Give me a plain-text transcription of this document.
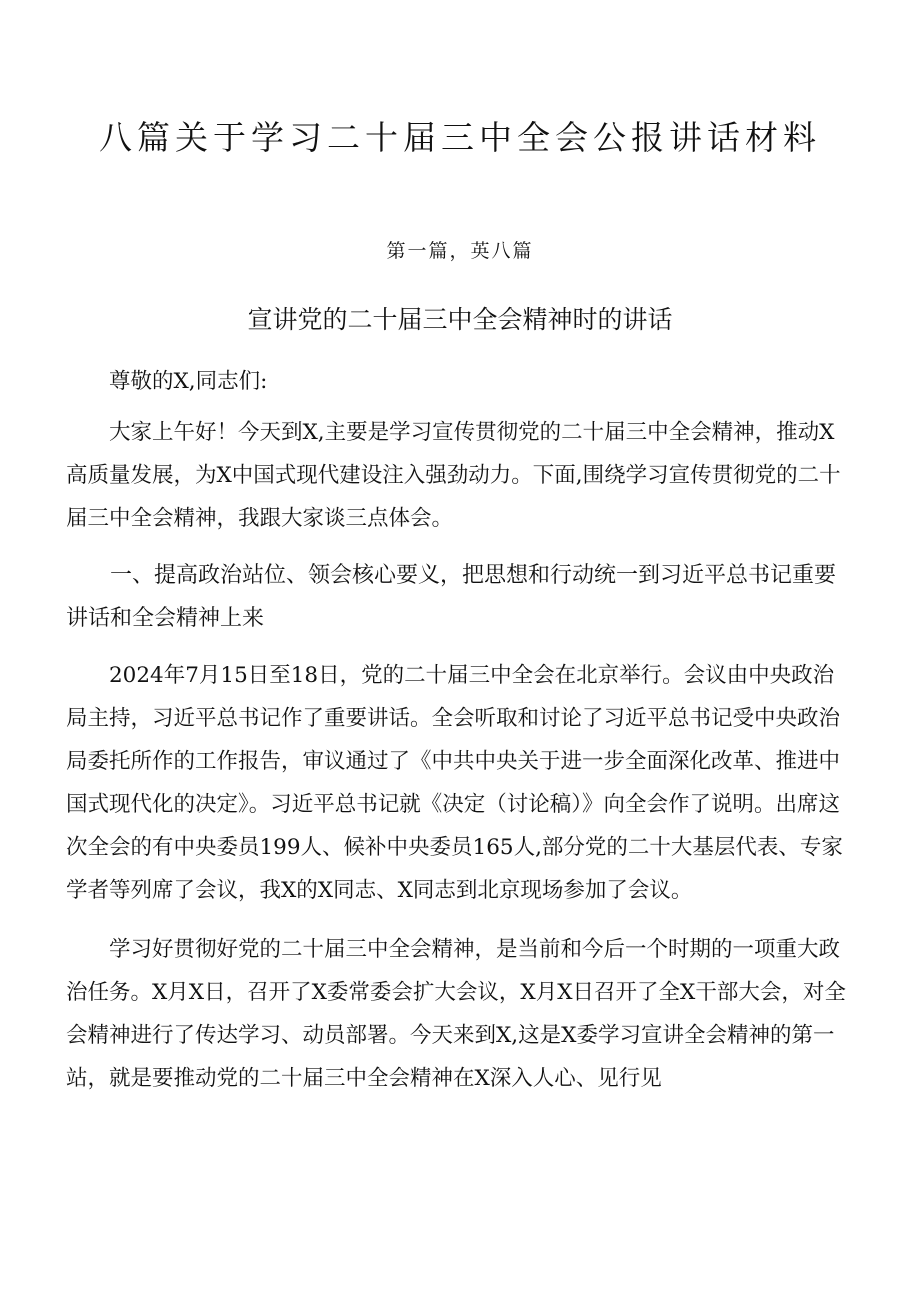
八篇关于学习二十届三中全会公报讲话材料
第一篇，英八篇
宣讲党的二十届三中全会精神时的讲话

尊敬的X,同志们:

大家上午好！今天到X,主要是学习宣传贯彻党的二十届三中全会精神，推动X高质量发展，为X中国式现代建设注入强劲动力。下面,围绕学习宣传贯彻党的二十届三中全会精神，我跟大家谈三点体会。

一、提高政治站位、领会核心要义，把思想和行动统一到习近平总书记重要讲话和全会精神上来

2024年7月15日至18日，党的二十届三中全会在北京举行。会议由中央政治局主持，习近平总书记作了重要讲话。全会听取和讨论了习近平总书记受中央政治局委托所作的工作报告，审议通过了《中共中央关于进一步全面深化改革、推进中国式现代化的决定》。习近平总书记就《决定（讨论稿）》向全会作了说明。出席这次全会的有中央委员199人、候补中央委员165人,部分党的二十大基层代表、专家学者等列席了会议，我X的X同志、X同志到北京现场参加了会议。

学习好贯彻好党的二十届三中全会精神，是当前和今后一个时期的一项重大政治任务。X月X日，召开了X委常委会扩大会议，X月X日召开了全X干部大会，对全会精神进行了传达学习、动员部署。今天来到X,这是X委学习宣讲全会精神的第一站，就是要推动党的二十届三中全会精神在X深入人心、见行见
